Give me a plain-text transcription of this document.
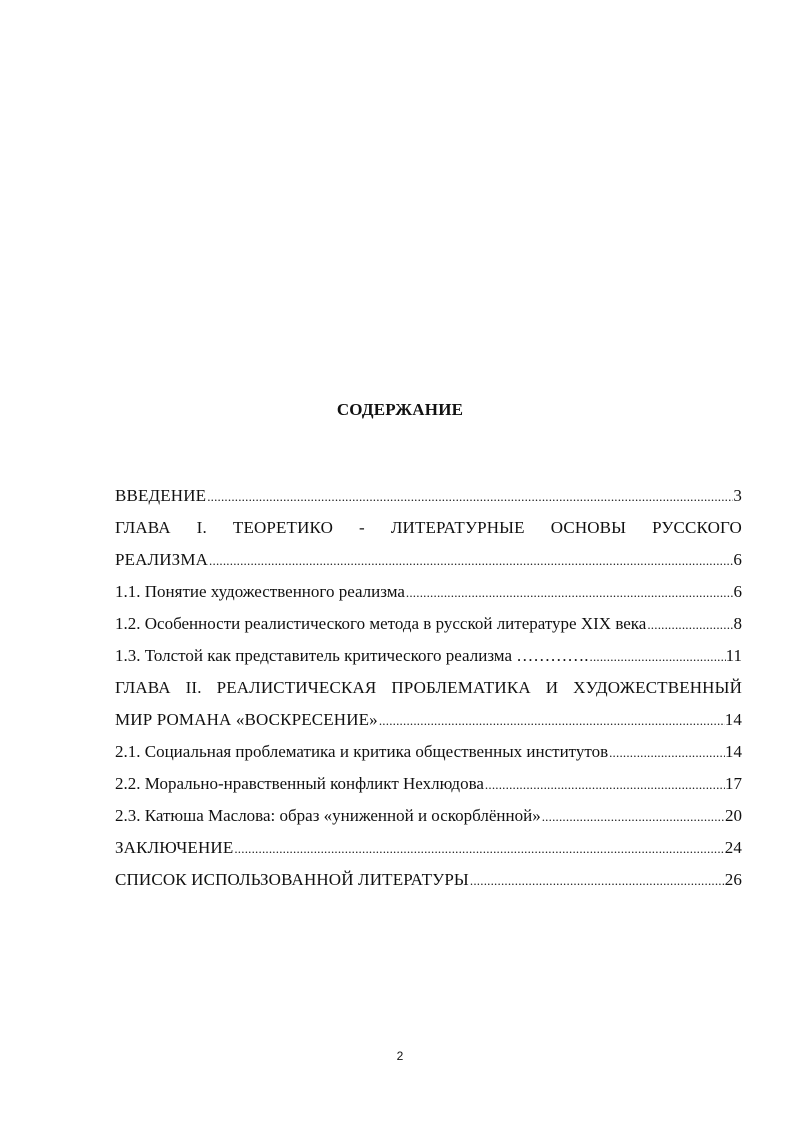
СОДЕРЖАНИЕ
ВВЕДЕНИЕ .....	3
ГЛАВА I. ТЕОРЕТИКО - ЛИТЕРАТУРНЫЕ ОСНОВЫ РУССКОГО
РЕАЛИЗМА .....	6
1.1. Понятие художественного реализма .....	6
1.2. Особенности реалистического метода в русской литературе XIX века .....	8
1.3. Толстой как представитель критического реализма …………. .....	11
ГЛАВА II. РЕАЛИСТИЧЕСКАЯ ПРОБЛЕМАТИКА И ХУДОЖЕСТВЕННЫЙ
МИР РОМАНА «ВОСКРЕСЕНИЕ» .....	14
2.1. Социальная проблематика и критика общественных институтов .....	14
2.2. Морально-нравственный конфликт Нехлюдова .....	17
2.3. Катюша Маслова: образ «униженной и оскорблённой» .....	20
ЗАКЛЮЧЕНИЕ .....	24
СПИСОК ИСПОЛЬЗОВАННОЙ ЛИТЕРАТУРЫ .....	26
2
